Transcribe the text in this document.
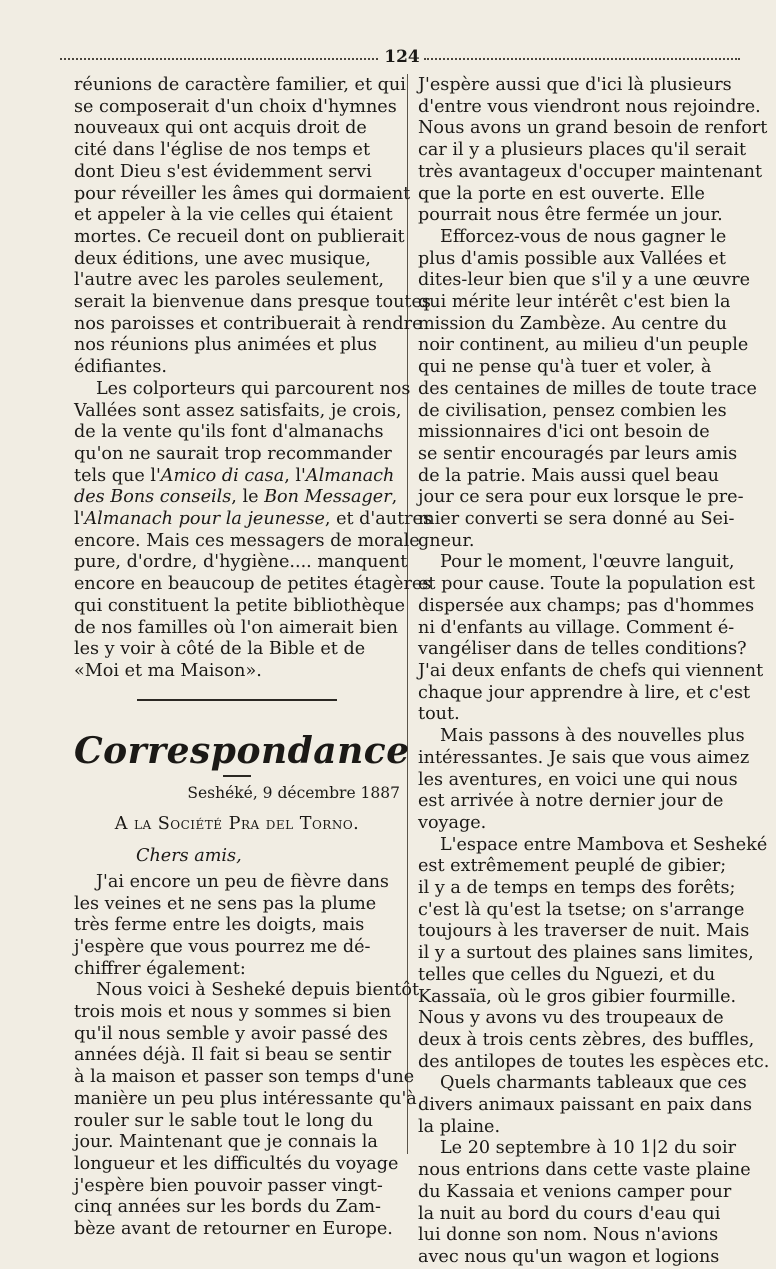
124

réunions de caractère familier, et qui
se composerait d'un choix d'hymnes
nouveaux qui ont acquis droit de
cité dans l'église de nos temps et
dont Dieu s'est évidemment servi
pour réveiller les âmes qui dormaient
et appeler à la vie celles qui étaient
mortes. Ce recueil dont on publierait
deux éditions, une avec musique,
l'autre avec les paroles seulement,
serait la bienvenue dans presque toutes
nos paroisses et contribuerait à rendre
nos réunions plus animées et plus
édifiantes.

Les colporteurs qui parcourent nos
Vallées sont assez satisfaits, je crois,
de la vente qu'ils font d'almanachs
qu'on ne saurait trop recommander
tels que l'Amico di casa, l'Almanach
des Bons conseils, le Bon Messager,
l'Almanach pour la jeunesse, et d'autres
encore. Mais ces messagers de morale
pure, d'ordre, d'hygiène.... manquent
encore en beaucoup de petites étagères
qui constituent la petite bibliothèque
de nos familles où l'on aimerait bien
les y voir à côté de la Bible et de
«Moi et ma Maison».

Correspondance
Seshéké, 9 décembre 1887
A la Société Pra del Torno.
Chers amis,

J'ai encore un peu de fièvre dans
les veines et ne sens pas la plume
très ferme entre les doigts, mais
j'espère que vous pourrez me dé-
chiffrer également:

Nous voici à Sesheké depuis bientôt
trois mois et nous y sommes si bien
qu'il nous semble y avoir passé des
années déjà. Il fait si beau se sentir
à la maison et passer son temps d'une
manière un peu plus intéressante qu'à
rouler sur le sable tout le long du
jour. Maintenant que je connais la
longueur et les difficultés du voyage
j'espère bien pouvoir passer vingt-
cinq années sur les bords du Zam-
bèze avant de retourner en Europe.

J'espère aussi que d'ici là plusieurs
d'entre vous viendront nous rejoindre.
Nous avons un grand besoin de renfort
car il y a plusieurs places qu'il serait
très avantageux d'occuper maintenant
que la porte en est ouverte. Elle
pourrait nous être fermée un jour.

Efforcez-vous de nous gagner le
plus d'amis possible aux Vallées et
dites-leur bien que s'il y a une œuvre
qui mérite leur intérêt c'est bien la
mission du Zambèze. Au centre du
noir continent, au milieu d'un peuple
qui ne pense qu'à tuer et voler, à
des centaines de milles de toute trace
de civilisation, pensez combien les
missionnaires d'ici ont besoin de
se sentir encouragés par leurs amis
de la patrie. Mais aussi quel beau
jour ce sera pour eux lorsque le pre-
mier converti se sera donné au Sei-
gneur.

Pour le moment, l'œuvre languit,
et pour cause. Toute la population est
dispersée aux champs; pas d'hommes
ni d'enfants au village. Comment é-
vangéliser dans de telles conditions?
J'ai deux enfants de chefs qui viennent
chaque jour apprendre à lire, et c'est
tout.

Mais passons à des nouvelles plus
intéressantes. Je sais que vous aimez
les aventures, en voici une qui nous
est arrivée à notre dernier jour de
voyage.

L'espace entre Mambova et Sesheké
est extrêmement peuplé de gibier;
il y a de temps en temps des forêts;
c'est là qu'est la tsetse; on s'arrange
toujours à les traverser de nuit. Mais
il y a surtout des plaines sans limites,
telles que celles du Nguezi, et du
Kassaïa, où le gros gibier fourmille.
Nous y avons vu des troupeaux de
deux à trois cents zèbres, des buffles,
des antilopes de toutes les espèces etc.

Quels charmants tableaux que ces
divers animaux paissant en paix dans
la plaine.

Le 20 septembre à 10 1|2 du soir
nous entrions dans cette vaste plaine
du Kassaia et venions camper pour
la nuit au bord du cours d'eau qui
lui donne son nom. Nous n'avions
avec nous qu'un wagon et logions
